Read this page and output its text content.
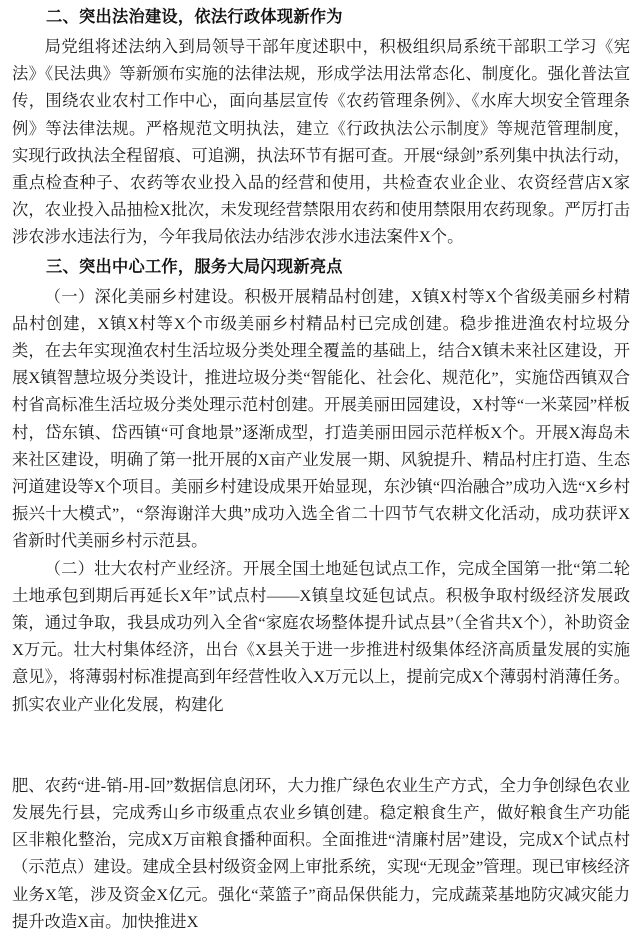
二、突出法治建设，依法行政体现新作为

局党组将述法纳入到局领导干部年度述职中，积极组织局系统干部职工学习《宪法》《民法典》等新颁布实施的法律法规，形成学法用法常态化、制度化。强化普法宣传，围绕农业农村工作中心，面向基层宣传《农药管理条例》、《水库大坝安全管理条例》等法律法规。严格规范文明执法，建立《行政执法公示制度》等规范管理制度，实现行政执法全程留痕、可追溯，执法环节有据可查。开展“绿剑”系列集中执法行动，重点检查种子、农药等农业投入品的经营和使用，共检查农业企业、农资经营店X家次，农业投入品抽检X批次，未发现经营禁限用农药和使用禁限用农药现象。严厉打击涉农涉水违法行为，今年我局依法办结涉农涉水违法案件X个。

三、突出中心工作，服务大局闪现新亮点

（一）深化美丽乡村建设。积极开展精品村创建，X镇X村等X个省级美丽乡村精品村创建，X镇X村等X个市级美丽乡村精品村已完成创建。稳步推进渔农村垃圾分类，在去年实现渔农村生活垃圾分类处理全覆盖的基础上，结合X镇未来社区建设，开展X镇智慧垃圾分类设计，推进垃圾分类“智能化、社会化、规范化”，实施岱西镇双合村省高标准生活垃圾分类处理示范村创建。开展美丽田园建设，X村等“一米菜园”样板村，岱东镇、岱西镇“可食地景”逐渐成型，打造美丽田园示范样板X个。开展X海岛未来社区建设，明确了第一批开展的X亩产业发展一期、风貌提升、精品村庄打造、生态河道建设等X个项目。美丽乡村建设成果开始显现，东沙镇“四治融合”成功入选“X乡村振兴十大模式”，“祭海谢洋大典”成功入选全省二十四节气农耕文化活动，成功获评X省新时代美丽乡村示范县。

（二）壮大农村产业经济。开展全国土地延包试点工作，完成全国第一批“第二轮土地承包到期后再延长X年”试点村——X镇皇坟延包试点。积极争取村级经济发展政策，通过争取，我县成功列入全省“家庭农场整体提升试点县”（全省共X个），补助资金X万元。壮大村集体经济，出台《X县关于进一步推进村级集体经济高质量发展的实施意见》，将薄弱村标准提高到年经营性收入X万元以上，提前完成X个薄弱村消薄任务。抓实农业产业化发展，构建化

肥、农药“进-销-用-回”数据信息闭环，大力推广绿色农业生产方式，全力争创绿色农业发展先行县，完成秀山乡市级重点农业乡镇创建。稳定粮食生产，做好粮食生产功能区非粮化整治，完成X万亩粮食播种面积。全面推进“清廉村居”建设，完成X个试点村（示范点）建设。建成全县村级资金网上审批系统，实现“无现金”管理。现已审核经济业务X笔，涉及资金X亿元。强化“菜篮子”商品保供能力，完成蔬菜基地防灾减灾能力提升改造X亩。加快推进X
